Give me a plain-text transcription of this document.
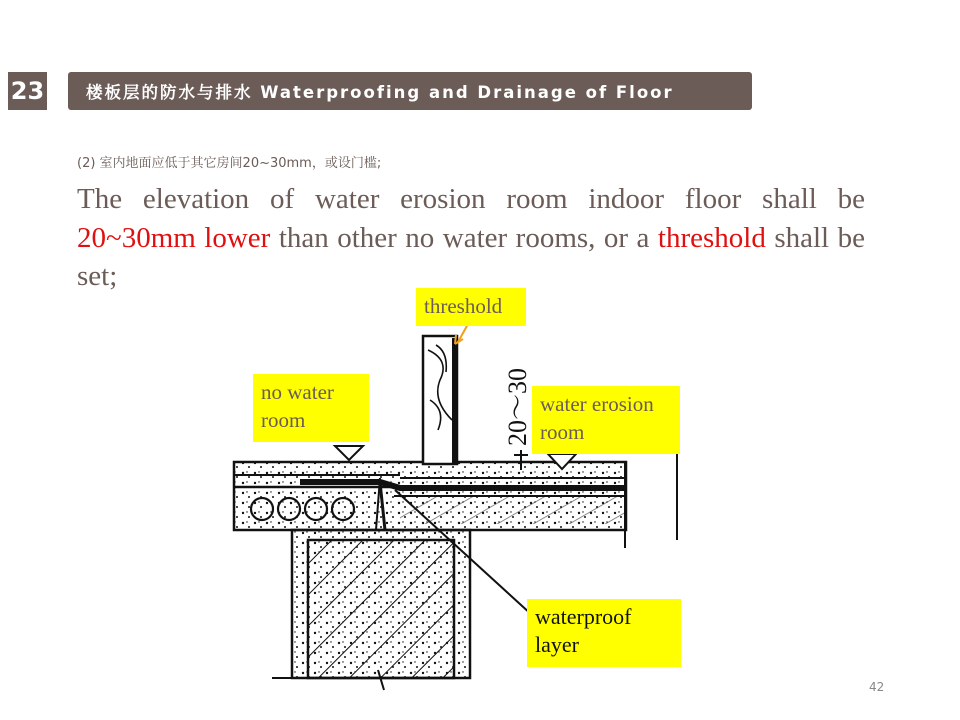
23	楼板层的防水与排水 Waterproofing and Drainage of Floor
(2) 室内地面应低于其它房间20~30mm，或设门槛;
The elevation of water erosion room indoor floor shall be 20~30mm lower than other no water rooms, or a threshold shall be set;
20～30
threshold
no water room
water erosion room
waterproof layer
42
